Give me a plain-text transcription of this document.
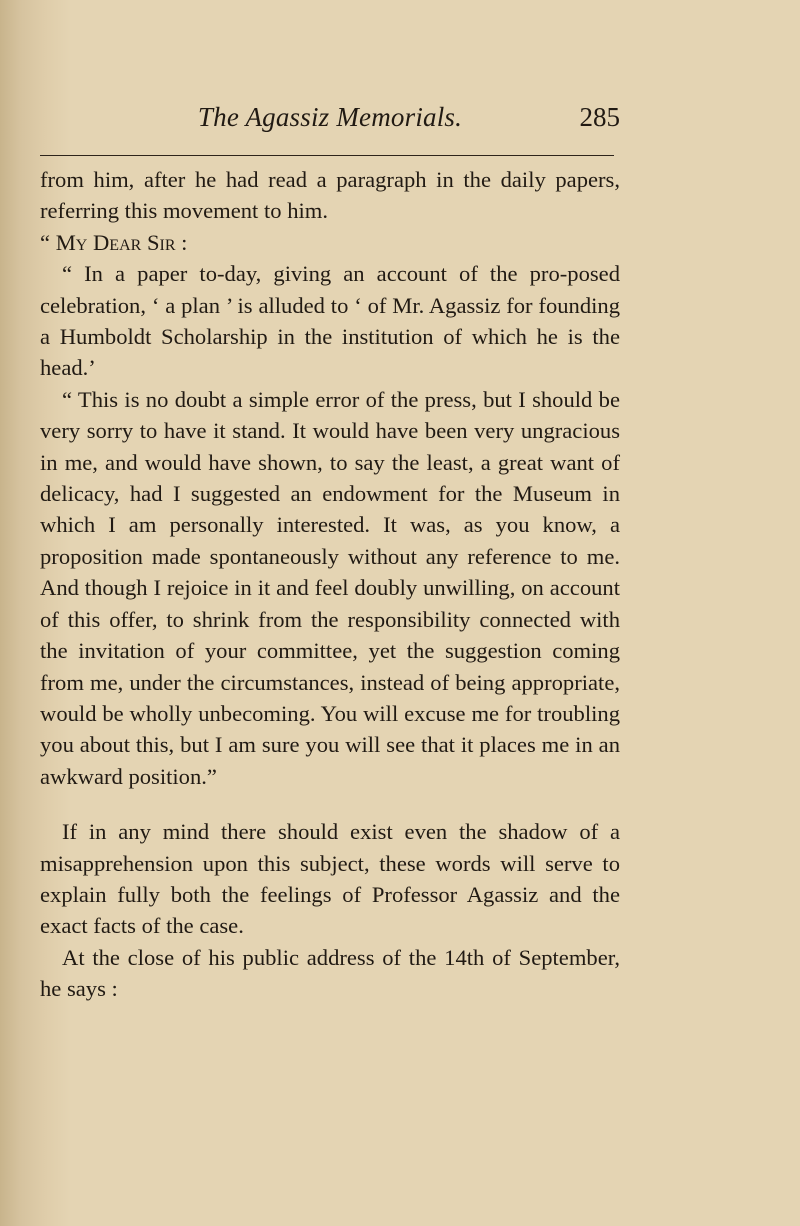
The Agassiz Memorials.	285

from him, after he had read a paragraph in the daily papers, referring this movement to him.

“ My Dear Sir :

“ In a paper to-day, giving an account of the pro-posed celebration, ‘ a plan ’ is alluded to ‘ of Mr. Agassiz for founding a Humboldt Scholarship in the institution of which he is the head.’

“ This is no doubt a simple error of the press, but I should be very sorry to have it stand. It would have been very ungracious in me, and would have shown, to say the least, a great want of delicacy, had I suggested an endowment for the Museum in which I am personally interested. It was, as you know, a proposition made spontaneously without any reference to me. And though I rejoice in it and feel doubly unwilling, on account of this offer, to shrink from the responsibility connected with the invitation of your committee, yet the suggestion coming from me, under the circumstances, instead of being appropriate, would be wholly unbecoming. You will excuse me for troubling you about this, but I am sure you will see that it places me in an awkward position.”

If in any mind there should exist even the shadow of a misapprehension upon this subject, these words will serve to explain fully both the feelings of Professor Agassiz and the exact facts of the case.

At the close of his public address of the 14th of September, he says :
